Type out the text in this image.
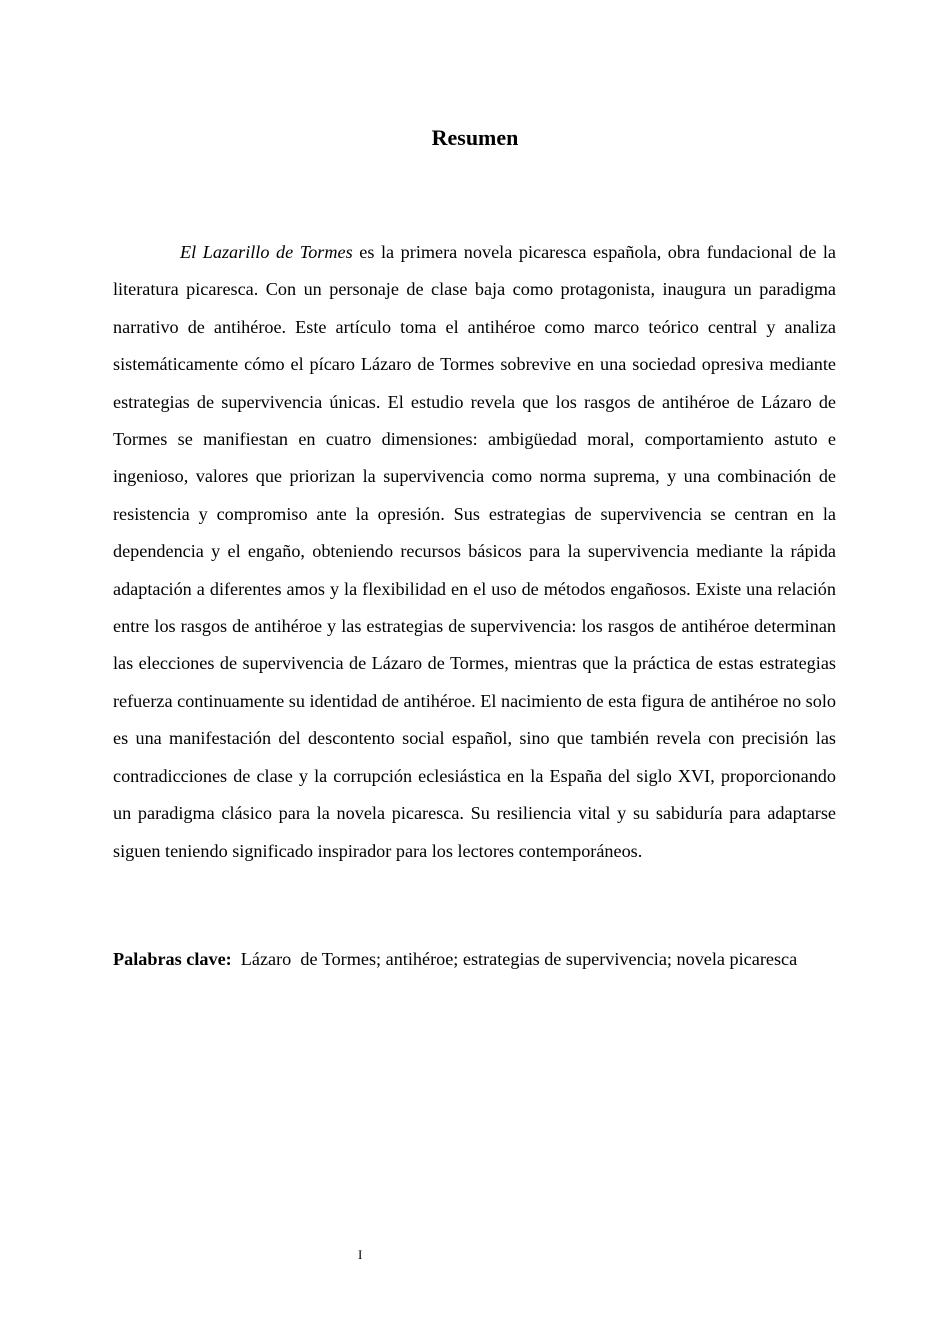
Resumen

El Lazarillo de Tormes es la primera novela picaresca española, obra fundacional de la literatura picaresca. Con un personaje de clase baja como protagonista, inaugura un paradigma narrativo de antihéroe. Este artículo toma el antihéroe como marco teórico central y analiza sistemáticamente cómo el pícaro Lázaro de Tormes sobrevive en una sociedad opresiva mediante estrategias de supervivencia únicas. El estudio revela que los rasgos de antihéroe de Lázaro de Tormes se manifiestan en cuatro dimensiones: ambigüedad moral, comportamiento astuto e ingenioso, valores que priorizan la supervivencia como norma suprema, y una combinación de resistencia y compromiso ante la opresión. Sus estrategias de supervivencia se centran en la dependencia y el engaño, obteniendo recursos básicos para la supervivencia mediante la rápida adaptación a diferentes amos y la flexibilidad en el uso de métodos engañosos. Existe una relación entre los rasgos de antihéroe y las estrategias de supervivencia: los rasgos de antihéroe determinan las elecciones de supervivencia de Lázaro de Tormes, mientras que la práctica de estas estrategias refuerza continuamente su identidad de antihéroe. El nacimiento de esta figura de antihéroe no solo es una manifestación del descontento social español, sino que también revela con precisión las contradicciones de clase y la corrupción eclesiástica en la España del siglo XVI, proporcionando un paradigma clásico para la novela picaresca. Su resiliencia vital y su sabiduría para adaptarse siguen teniendo significado inspirador para los lectores contemporáneos.

Palabras clave:  Lázaro  de Tormes; antihéroe; estrategias de supervivencia; novela picaresca

I
